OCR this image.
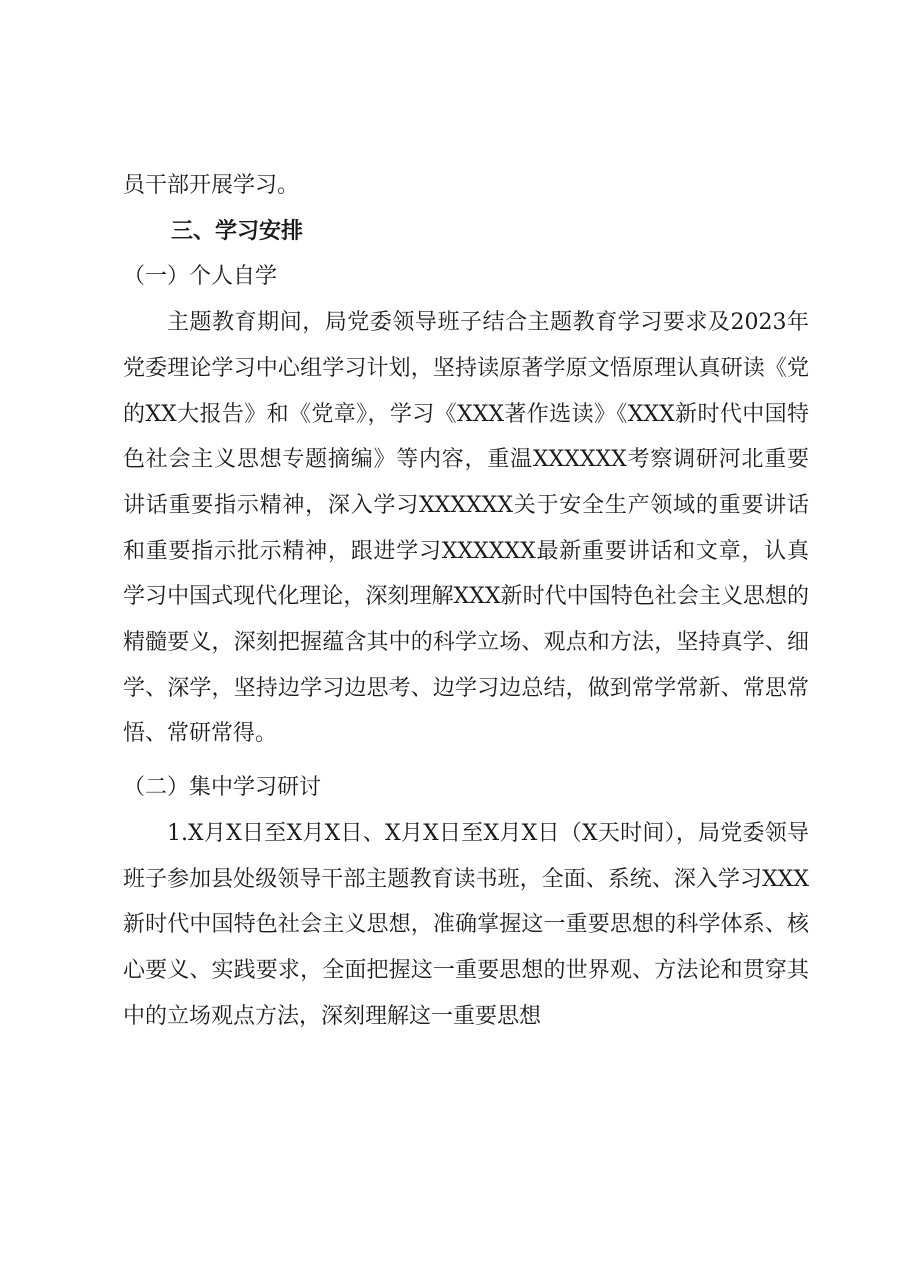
员干部开展学习。

三、学习安排

（一）个人自学

主题教育期间，局党委领导班子结合主题教育学习要求及2023年党委理论学习中心组学习计划，坚持读原著学原文悟原理认真研读《党的XX大报告》和《党章》，学习《XXX著作选读》《XXX新时代中国特色社会主义思想专题摘编》等内容，重温XXXXXX考察调研河北重要讲话重要指示精神，深入学习XXXXXX关于安全生产领域的重要讲话和重要指示批示精神，跟进学习XXXXXX最新重要讲话和文章，认真学习中国式现代化理论，深刻理解XXX新时代中国特色社会主义思想的精髓要义，深刻把握蕴含其中的科学立场、观点和方法，坚持真学、细学、深学，坚持边学习边思考、边学习边总结，做到常学常新、常思常悟、常研常得。

（二）集中学习研讨

1.X月X日至X月X日、X月X日至X月X日（X天时间），局党委领导班子参加县处级领导干部主题教育读书班，全面、系统、深入学习XXX新时代中国特色社会主义思想，准确掌握这一重要思想的科学体系、核心要义、实践要求，全面把握这一重要思想的世界观、方法论和贯穿其中的立场观点方法，深刻理解这一重要思想
